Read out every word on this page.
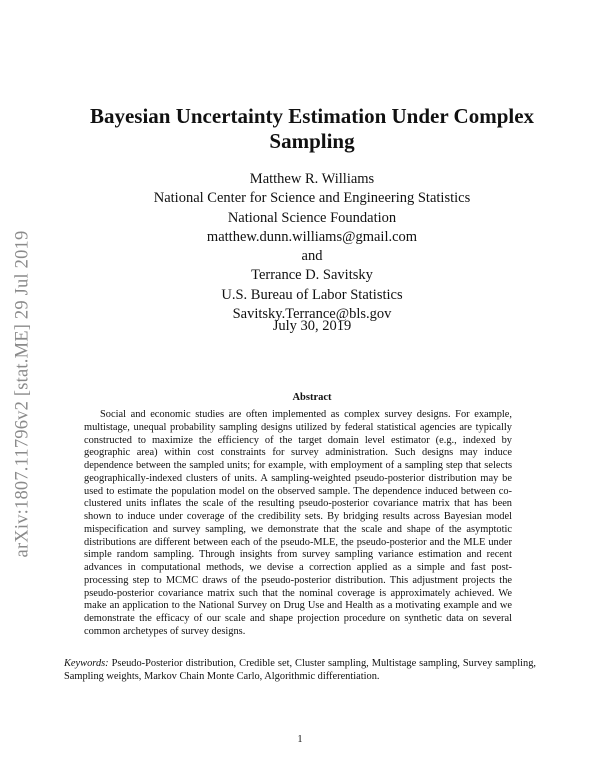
arXiv:1807.11796v2 [stat.ME] 29 Jul 2019
Bayesian Uncertainty Estimation Under Complex Sampling
Matthew R. Williams
National Center for Science and Engineering Statistics
National Science Foundation
matthew.dunn.williams@gmail.com
and
Terrance D. Savitsky
U.S. Bureau of Labor Statistics
Savitsky.Terrance@bls.gov
July 30, 2019
Abstract

Social and economic studies are often implemented as complex survey designs. For example, multistage, unequal probability sampling designs utilized by federal statistical agencies are typically constructed to maximize the efficiency of the target domain level estimator (e.g., indexed by geographic area) within cost constraints for survey administration. Such designs may induce dependence between the sampled units; for example, with employment of a sampling step that selects geographically-indexed clusters of units. A sampling-weighted pseudo-posterior distribution may be used to estimate the population model on the observed sample. The dependence induced between co-clustered units inflates the scale of the resulting pseudo-posterior covariance matrix that has been shown to induce under coverage of the credibility sets. By bridging results across Bayesian model mispecification and survey sampling, we demonstrate that the scale and shape of the asymptotic distributions are different between each of the pseudo-MLE, the pseudo-posterior and the MLE under simple random sampling. Through insights from survey sampling variance estimation and recent advances in computational methods, we devise a correction applied as a simple and fast post-processing step to MCMC draws of the pseudo-posterior distribution. This adjustment projects the pseudo-posterior covariance matrix such that the nominal coverage is approximately achieved. We make an application to the National Survey on Drug Use and Health as a motivating example and we demonstrate the efficacy of our scale and shape projection procedure on synthetic data on several common archetypes of survey designs.

Keywords: Pseudo-Posterior distribution, Credible set, Cluster sampling, Multistage sampling, Survey sampling, Sampling weights, Markov Chain Monte Carlo, Algorithmic differentiation.

1
